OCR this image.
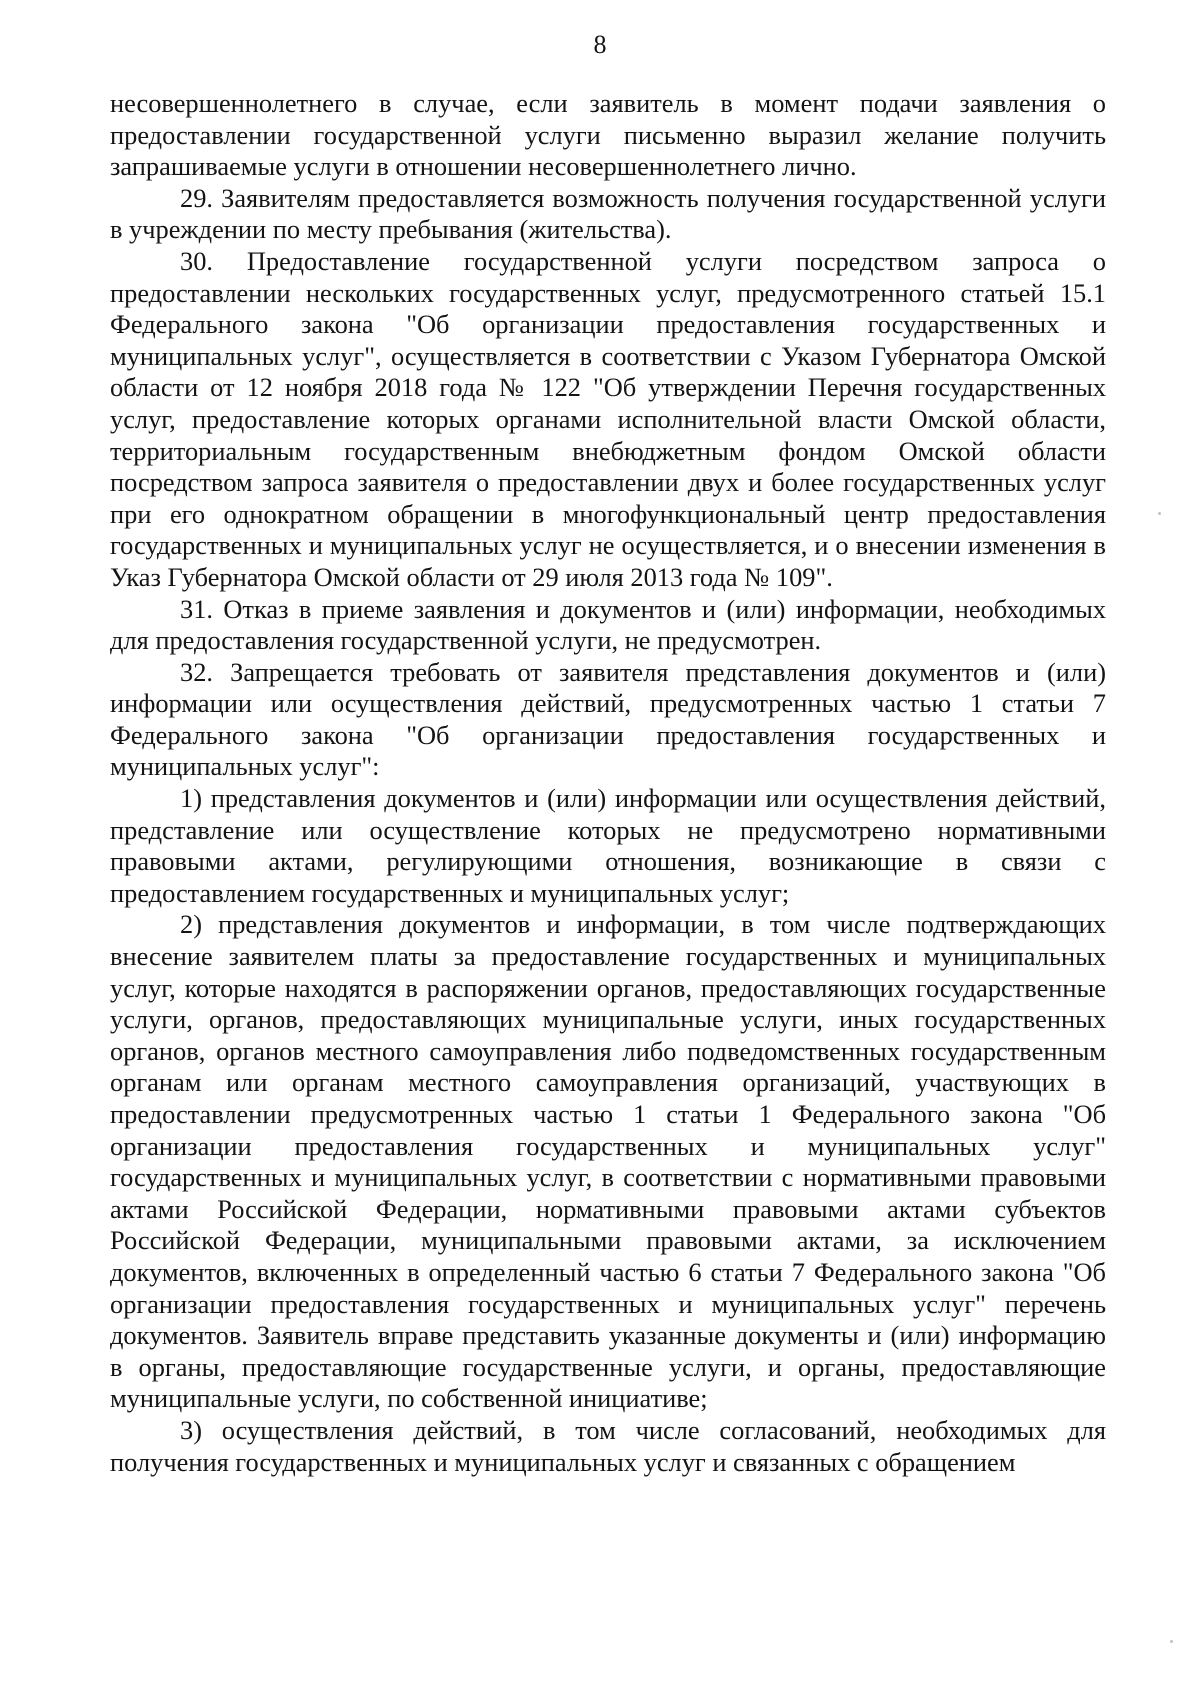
8

несовершеннолетнего в случае, если заявитель в момент подачи заявления о предоставлении государственной услуги письменно выразил желание получить запрашиваемые услуги в отношении несовершеннолетнего лично.

29. Заявителям предоставляется возможность получения государственной услуги в учреждении по месту пребывания (жительства).

30. Предоставление государственной услуги посредством запроса о предоставлении нескольких государственных услуг, предусмотренного статьей 15.1 Федерального закона "Об организации предоставления государственных и муниципальных услуг", осуществляется в соответствии с Указом Губернатора Омской области от 12 ноября 2018 года № 122 "Об утверждении Перечня государственных услуг, предоставление которых органами исполнительной власти Омской области, территориальным государственным внебюджетным фондом Омской области посредством запроса заявителя о предоставлении двух и более государственных услуг при его однократном обращении в многофункциональный центр предоставления государственных и муниципальных услуг не осуществляется, и о внесении изменения в Указ Губернатора Омской области от 29 июля 2013 года № 109".

31. Отказ в приеме заявления и документов и (или) информации, необходимых для предоставления государственной услуги, не предусмотрен.

32. Запрещается требовать от заявителя представления документов и (или) информации или осуществления действий, предусмотренных частью 1 статьи 7 Федерального закона "Об организации предоставления государственных и муниципальных услуг":

1) представления документов и (или) информации или осуществления действий, представление или осуществление которых не предусмотрено нормативными правовыми актами, регулирующими отношения, возникающие в связи с предоставлением государственных и муниципальных услуг;

2) представления документов и информации, в том числе подтверждающих внесение заявителем платы за предоставление государственных и муниципальных услуг, которые находятся в распоряжении органов, предоставляющих государственные услуги, органов, предоставляющих муниципальные услуги, иных государственных органов, органов местного самоуправления либо подведомственных государственным органам или органам местного самоуправления организаций, участвующих в предоставлении предусмотренных частью 1 статьи 1 Федерального закона "Об организации предоставления государственных и муниципальных услуг" государственных и муниципальных услуг, в соответствии с нормативными правовыми актами Российской Федерации, нормативными правовыми актами субъектов Российской Федерации, муниципальными правовыми актами, за исключением документов, включенных в определенный частью 6 статьи 7 Федерального закона "Об организации предоставления государственных и муниципальных услуг" перечень документов. Заявитель вправе представить указанные документы и (или) информацию в органы, предоставляющие государственные услуги, и органы, предоставляющие муниципальные услуги, по собственной инициативе;

3) осуществления действий, в том числе согласований, необходимых для получения государственных и муниципальных услуг и связанных с обращением
